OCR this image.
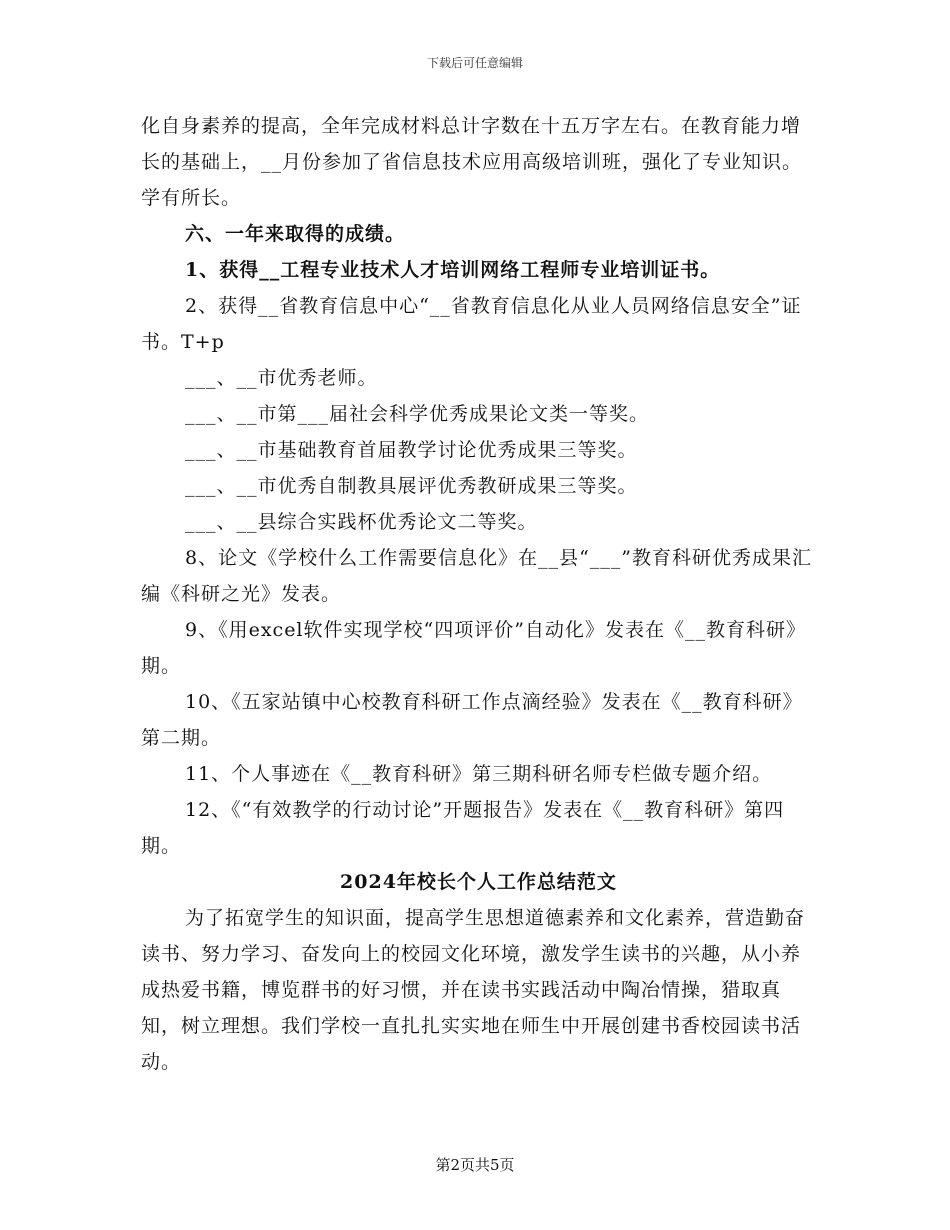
下载后可任意编辑

化自身素养的提高，全年完成材料总计字数在十五万字左右。在教育能力增长的基础上，__月份参加了省信息技术应用高级培训班，强化了专业知识。学有所长。

六、一年来取得的成绩。

1、获得__工程专业技术人才培训网络工程师专业培训证书。

2、获得__省教育信息中心“__省教育信息化从业人员网络信息安全”证书。T+p

___、__市优秀老师。

___、__市第___届社会科学优秀成果论文类一等奖。

___、__市基础教育首届教学讨论优秀成果三等奖。

___、__市优秀自制教具展评优秀教研成果三等奖。

___、__县综合实践杯优秀论文二等奖。

8、论文《学校什么工作需要信息化》在__县“___”教育科研优秀成果汇编《科研之光》发表。

9、《用excel软件实现学校“四项评价”自动化》发表在《__教育科研》期。

10、《五家站镇中心校教育科研工作点滴经验》发表在《__教育科研》第二期。

11、个人事迹在《__教育科研》第三期科研名师专栏做专题介绍。

12、《“有效教学的行动讨论”开题报告》发表在《__教育科研》第四期。

2024年校长个人工作总结范文

为了拓宽学生的知识面，提高学生思想道德素养和文化素养，营造勤奋读书、努力学习、奋发向上的校园文化环境，激发学生读书的兴趣，从小养成热爱书籍，博览群书的好习惯，并在读书实践活动中陶冶情操，猎取真知，树立理想。我们学校一直扎扎实实地在师生中开展创建书香校园读书活动。

第2页共5页
